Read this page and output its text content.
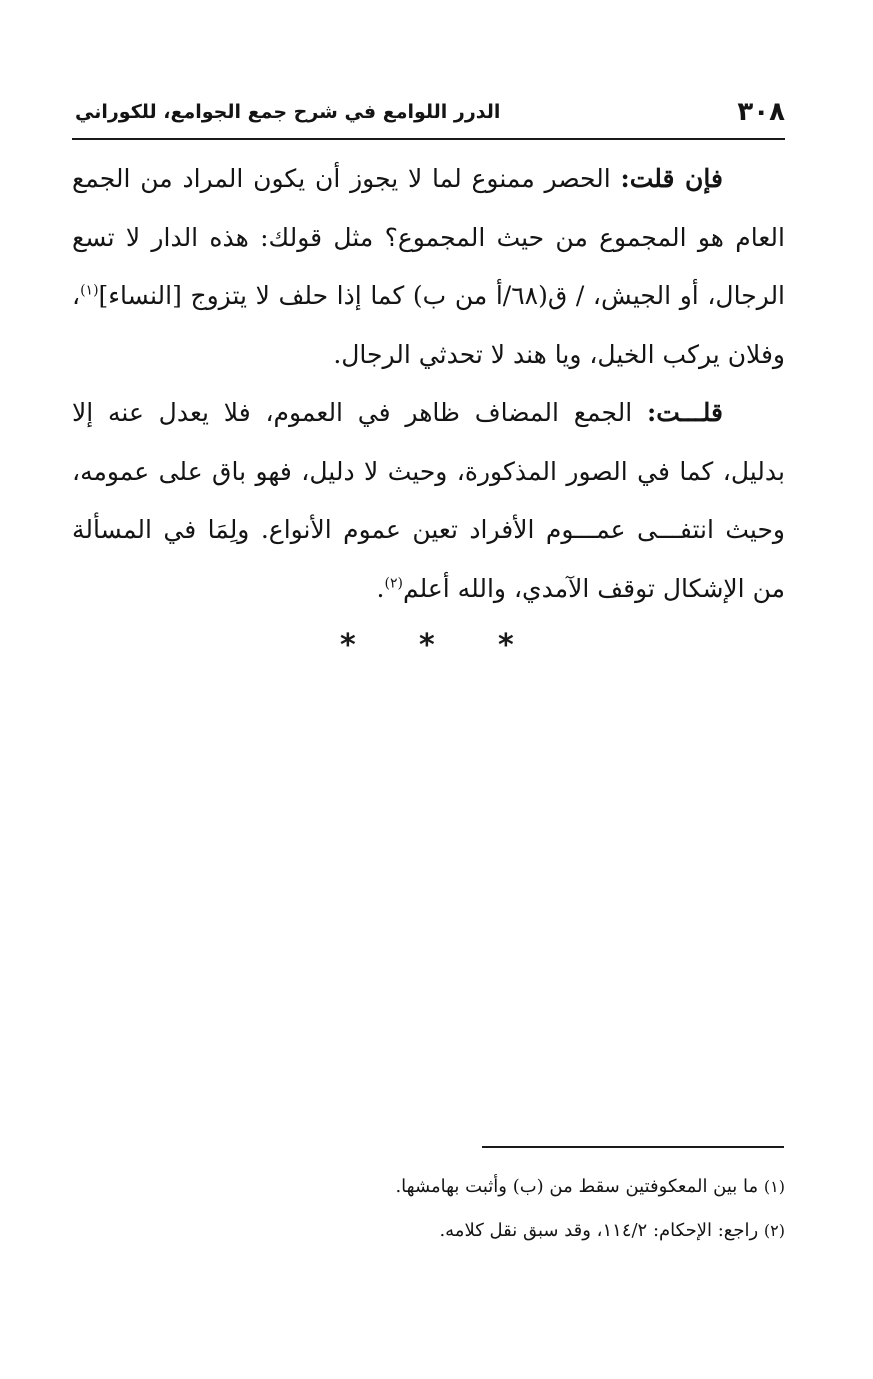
٣٠٨
الدرر اللوامع في شرح جمع الجوامع، للكوراني

فإن قلت: الحصر ممنوع لما لا يجوز أن يكون المراد من الجمع العام هو المجموع من حيث المجموع؟ مثل قولك: هذه الدار لا تسع الرجال، أو الجيش، / ق(٦٨/أ من ب) كما إذا حلف لا يتزوج [النساء]$^{(١)}$، وفلان يركب الخيل، ويا هند لا تحدثي الرجال.

قلـــت: الجمع المضاف ظاهر في العموم، فلا يعدل عنه إلا بدليل، كما في الصور المذكورة، وحيث لا دليل، فهو باق على عمومه، وحيث انتفـــى عمـــوم الأفراد تعين عموم الأنواع. ولِمَا في المسألة من الإشكال توقف الآمدي، والله أعلم$^{(٢)}$.

* * *

(١) ما بين المعكوفتين سقط من (ب) وأثبت بهامشها.

(٢) راجع: الإحكام: ١١٤/٢، وقد سبق نقل كلامه.
